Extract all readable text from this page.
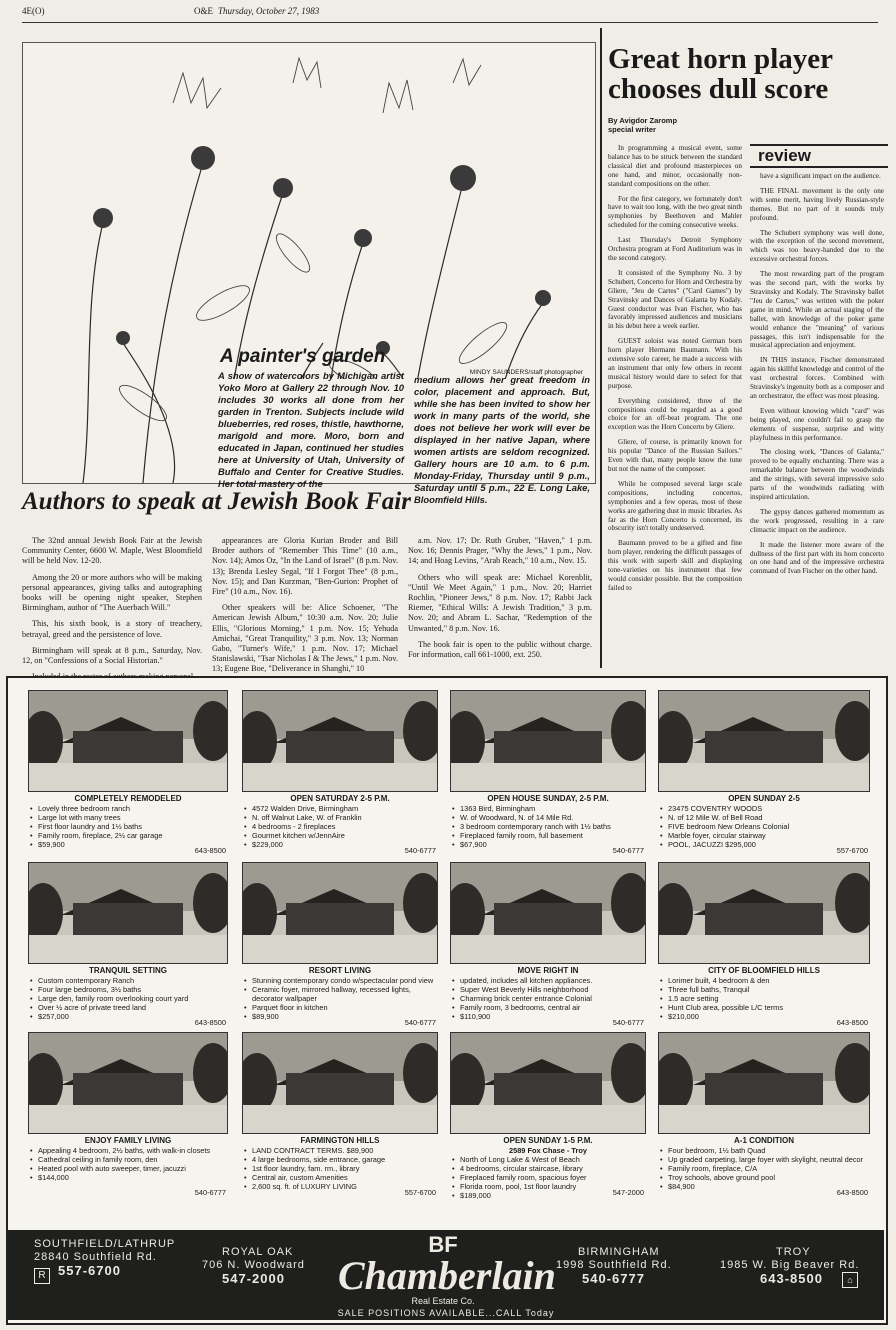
4E(O)	O&E Thursday, October 27, 1983
MINDY SAUNDERS/staff photographer
A painter's garden
A show of watercolors by Michigan artist Yoko Moro at Gallery 22 through Nov. 10 includes 30 works all done from her garden in Trenton. Subjects include wild blueberries, red roses, thistle, hawthorne, marigold and more. Moro, born and educated in Japan, continued her studies here at University of Utah, University of Buffalo and Center for Creative Studies. Her total mastery of the
medium allows her great freedom in color, placement and approach. But, while she has been invited to show her work in many parts of the world, she does not believe her work will ever be displayed in her native Japan, where women artists are seldom recognized. Gallery hours are 10 a.m. to 6 p.m. Monday-Friday, Thursday until 9 p.m., Saturday until 5 p.m., 22 E. Long Lake, Bloomfield Hills.
Authors to speak at Jewish Book Fair

The 32nd annual Jewish Book Fair at the Jewish Community Center, 6600 W. Maple, West Bloomfield will be held Nov. 12-20.

Among the 20 or more authors who will be making personal appearances, giving talks and autographing books will be opening night speaker, Stephen Birmingham, author of "The Auerbach Will."

This, his sixth book, is a story of treachery, betrayal, greed and the persistence of love.

Birmingham will speak at 8 p.m., Saturday, Nov. 12, on "Confessions of a Social Historian."

appearances are Gloria Kurian Broder and Bill Broder authors of "Remember This Time" (10 a.m., Nov. 14); Amos Oz, "In the Land of Israel" (8 p.m. Nov. 13); Brenda Lesley Segal, "If I Forgot Thee" (8 p.m., Nov. 15); and Dan Kurzman, "Ben-Gurion: Prophet of Fire" (10 a.m., Nov. 16).

Other speakers will be: Alice Schoener, "The American Jewish Album," 10:30 a.m. Nov. 20; Julie Ellis, "Glorious Morning," 1 p.m. Nov. 15; Yehuda Amichai, "Great Tranquility," 3 p.m. Nov. 13; Norman Gabo, "Turner's Wife," 1 p.m. Nov. 17; Michael Stanislawski, "Tsar Nicholas I & The Jews," 1 p.m. Nov. 13; Eugene Boe, "Deliverance in Shanghi," 10

a.m. Nov. 17; Dr. Ruth Gruber, "Haven," 1 p.m. Nov. 16; Dennis Prager, "Why the Jews," 1 p.m., Nov. 14; and Hoag Levins, "Arab Reach," 10 a.m., Nov. 15.

Others who will speak are: Michael Korenblit, "Until We Meet Again," 1 p.m., Nov. 20; Harriet Rochlin, "Pioneer Jews," 8 p.m. Nov. 17; Rabbi Jack Riemer, "Ethical Wills: A Jewish Tradition," 3 p.m. Nov. 20; and Abram L. Sachar, "Redemption of the Unwanted," 8 p.m. Nov. 16.

The book fair is open to the public without charge. For information, call 661-1000, ext. 250.

Great horn player chooses dull score
By Avigdor Zaromp
special writer
review

In programming a musical event, some balance has to be struck between the standard classical diet and profound masterpieces on one hand, and minor, occasionally non-standard compositions on the other.

For the first category, we fortunately don't have to wait too long, with the two great ninth symphonies by Beethoven and Mahler scheduled for the coming consecutive weeks.

Last Thursday's Detroit Symphony Orchestra program at Ford Auditorium was in the second category.

It consisted of the Symphony No. 3 by Schubert, Concerto for Horn and Orchestra by Gliere, "Jeu de Cartes" ("Card Games") by Stravinsky and Dances of Galanta by Kodaly. Guest conductor was Ivan Fischer, who has favorably impressed audiences and musicians in his debut here a week earlier.

GUEST soloist was noted German born horn player Hermann Baumann. With his extensive solo career, he made a success with an instrument that only few others in recent musical history would dare to select for that purpose.

Everything considered, three of the compositions could be regarded as a good choice for an off-beat program. The one exception was the Horn Concerto by Gliere.

Gliere, of course, is primarily known for his popular "Dance of the Russian Sailors." Even with that, many people know the tune but not the name of the composer.

While he composed several large scale compositions, including concertos, symphonies and a few operas, most of these works are gathering dust in music libraries. As far as the Horn Concerto is concerned, its obscurity isn't totally undeserved.

Baumann proved to be a gifted and fine horn player, rendering the difficult passages of this work with superb skill and displaying tone-varieties on his instrument that few would consider possible. But the composition failed to

have a significant impact on the audience.

THE FINAL movement is the only one with some merit, having lively Russian-style themes. But no part of it sounds truly profound.

The Schubert symphony was well done, with the exception of the second movement, which was too heavy-handed due to the excessive orchestral forces.

The most rewarding part of the program was the second part, with the works by Stravinsky and Kodaly. The Stravinsky ballet "Jeu de Cartes," was written with the poker game in mind. While an actual staging of the ballet, with knowledge of the poker game would enhance the "meaning" of various passages, this isn't indispensable for the musical appreciation and enjoyment.

IN THIS instance, Fischer demonstrated again his skillful knowledge and control of the vast orchestral forces. Combined with Stravinsky's ingenuity both as a composer and an orchestrator, the effect was most pleasing.

Even without knowing which "card" was being played, one couldn't fail to grasp the elements of suspense, surprise and witty playfulness in this performance.

The closing work, "Dances of Galanta," proved to be equally enchanting. There was a remarkable balance between the woodwinds and the strings, with several impressive solo parts of the woodwinds radiating with inspired articulation.

The gypsy dances gathered momentum as the work progressed, resulting in a rare climactic impact on the audience.

It made the listener more aware of the dullness of the first part with its horn concerto on one hand and of the impressive orchestra command of Ivan Fischer on the other hand.

COMPLETELY REMODELED
• Lovely three bedroom ranch
• Large lot with many trees
• First floor laundry and 1½ baths
• Family room, fireplace, 2½ car garage
• $59,900
643-8500
OPEN SATURDAY 2-5 P.M.
• 4572 Walden Drive, Birmingham
• N. off Walnut Lake, W. of Franklin
• 4 bedrooms - 2 fireplaces
• Gourmet kitchen w/JennAire
• $229,000
540-6777
OPEN HOUSE SUNDAY, 2-5 P.M.
• 1363 Bird, Birmingham
• W. of Woodward, N. of 14 Mile Rd.
• 3 bedroom contemporary ranch with 1½ baths
• Fireplaced family room, full basement
• $67,900
540-6777
OPEN SUNDAY 2-5
• 23475 COVENTRY WOODS
• N. of 12 Mile W. of Bell Road
• FIVE bedroom New Orleans Colonial
• Marble foyer, circular stairway
• POOL, JACUZZI $295,000
557-6700
TRANQUIL SETTING
• Custom contemporary Ranch
• Four large bedrooms, 3½ baths
• Large den, family room overlooking court yard
• Over ½ acre of private treed land
• $257,000
643-8500
RESORT LIVING
• Stunning contemporary condo w/spectacular pond view
• Ceramic foyer, mirrored hallway, recessed lights, decorator wallpaper
• Parquet floor in kitchen
• $89,900
540-6777
MOVE RIGHT IN
• updated, includes all kitchen appliances.
• Super West Beverly Hills neighborhood
• Charming brick center entrance Colonial
• Family room, 3 bedrooms, central air
• $110,900
540-6777
CITY OF BLOOMFIELD HILLS
• Lorimer built, 4 bedroom & den
• Three full baths, Tranquil
• 1.5 acre setting
• Hunt Club area, possible L/C terms
• $210,000
643-8500
ENJOY FAMILY LIVING
• Appealing 4 bedroom, 2½ baths, with walk-in closets
• Cathedral ceiling in family room, den
• Heated pool with auto sweeper, timer, jacuzzi
• $144,000
540-6777
FARMINGTON HILLS
• LAND CONTRACT TERMS. $89,900
• 4 large bedrooms, side entrance, garage
• 1st floor laundry, fam. rm., library
• Central air, custom Amenities
• 2,600 sq. ft. of LUXURY LIVING
557-6700
OPEN SUNDAY 1-5 P.M.
2589 Fox Chase - Troy
• North of Long Lake & West of Beach
• 4 bedrooms, circular staircase, library
• Fireplaced family room, spacious foyer
• Florida room, pool, 1st floor laundry
• $189,000	547-2000
A-1 CONDITION
• Four bedroom, 1½ bath Quad
• Up graded carpeting, large foyer with skylight, neutral decor
• Family room, fireplace, C/A
• Troy schools, above ground pool
• $84,900
643-8500
SOUTHFIELD/LATHRUP
28840 Southfield Rd.
557-6700
R
ROYAL OAK
706 N. Woodward
547-2000
BF
Chamberlain
Real Estate Co.
BIRMINGHAM
1998 Southfield Rd.
540-6777
TROY
1985 W. Big Beaver Rd.
643-8500	⌂
SALE POSITIONS AVAILABLE...CALL Today
